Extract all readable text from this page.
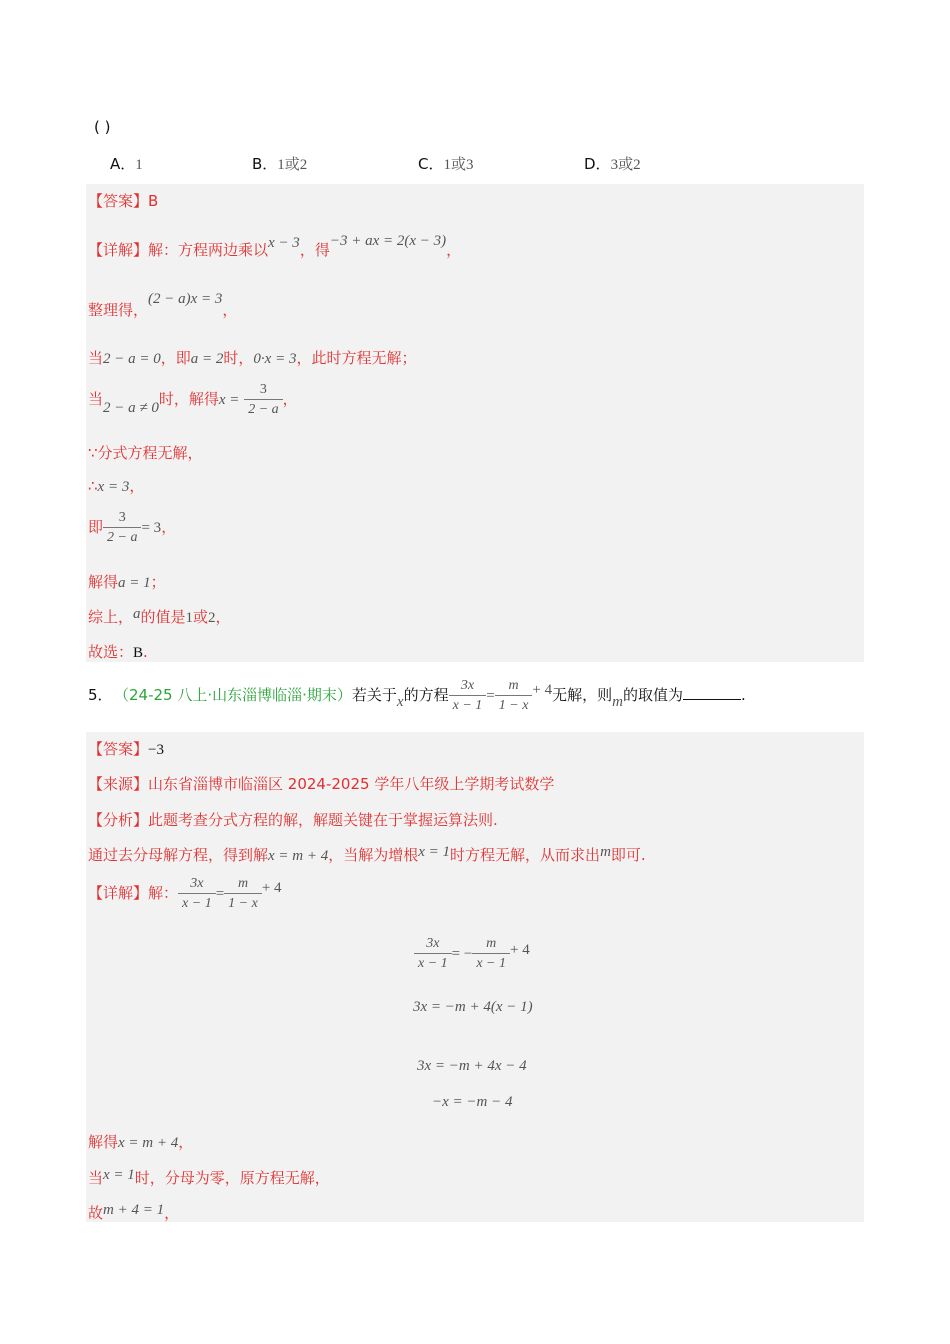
( )
A．1	B．1或2	C．1或3	D．3或2
【答案】B
【详解】解：方程两边乘以x − 3，得−3 + ax = 2(x − 3)，
整理得，(2 − a)x = 3，
当2 − a = 0，即a = 2时，0·x = 3，此时方程无解；
当2 − a ≠ 0时，解得$x = \frac{3}{2 - a}$ ，
∵分式方程无解，
∴x = 3，
即 $\frac{3}{2 - a} = 3$，
解得a = 1；
综上，a的值是1或2，
故选：B.
5．（24-25 八上·山东淄博临淄·期末）若关于x的方程 $\frac{3x}{x - 1} = \frac{m}{1 - x} + 4$无解，则m的取值为	.
【答案】−3
【来源】山东省淄博市临淄区 2024-2025 学年八年级上学期考试数学
【分析】此题考查分式方程的解，解题关键在于掌握运算法则.
通过去分母解方程，得到解x = m + 4，当解为增根x = 1时方程无解，从而求出m即可.
【详解】解： $\frac{3x}{x - 1} = \frac{m}{1 - x} + 4$
$\frac{3x}{x - 1}$ = − $\frac{m}{x - 1} + 4$
3x = −m + 4(x − 1)
3x = −m + 4x − 4
−x = −m − 4
解得x = m + 4，
当x = 1时，分母为零，原方程无解，
故m + 4 = 1，
